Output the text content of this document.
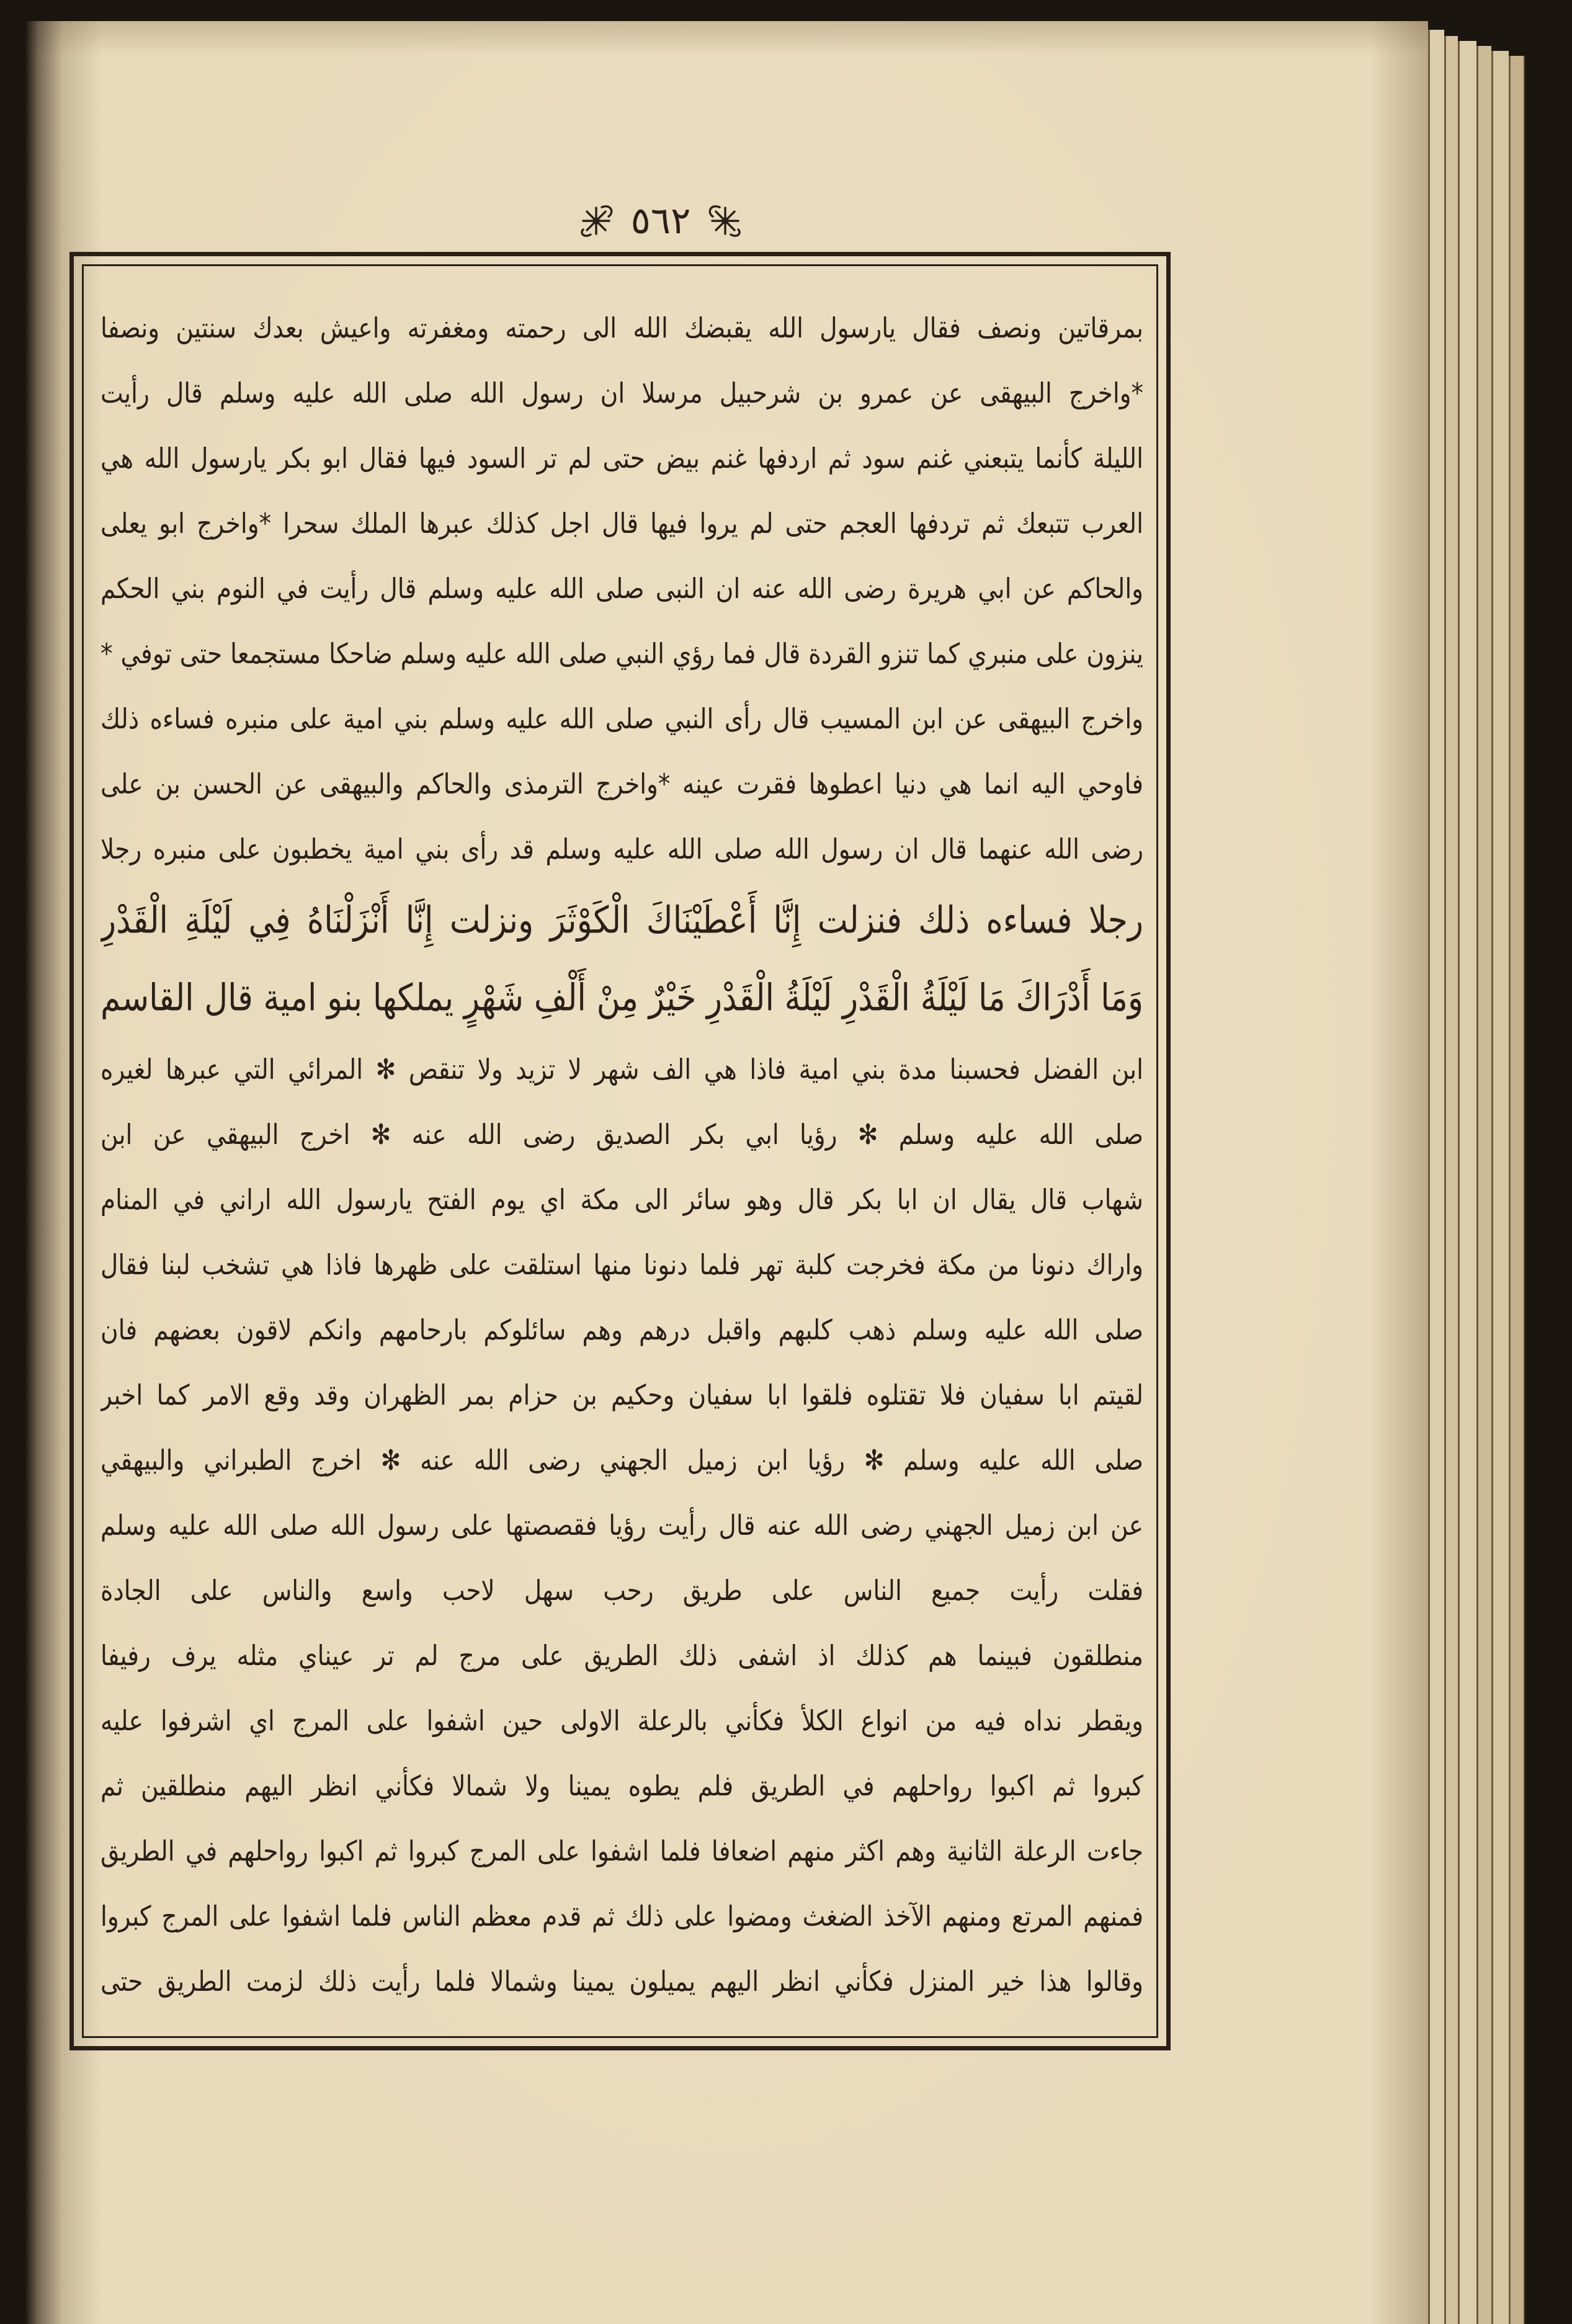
٥٦٢
بمرقاتين ونصف فقال يارسول الله يقبضك الله الى رحمته ومغفرته واعيش بعدك سنتين ونصفا
*واخرج البيهقى عن عمرو بن شرحبيل مرسلا ان رسول الله صلى الله عليه وسلم قال رأيت
الليلة كأنما يتبعني غنم سود ثم اردفها غنم بيض حتى لم تر السود فيها فقال ابو بكر يارسول الله هي
العرب تتبعك ثم تردفها العجم حتى لم يروا فيها قال اجل كذلك عبرها الملك سحرا *واخرج ابو يعلى
والحاكم عن ابي هريرة رضى الله عنه ان النبى صلى الله عليه وسلم قال رأيت في النوم بني الحكم
ينزون على منبري كما تنزو القردة قال فما رؤي النبي صلى الله عليه وسلم ضاحكا مستجمعا حتى توفي *
واخرج البيهقى عن ابن المسيب قال رأى النبي صلى الله عليه وسلم بني امية على منبره فساءه ذلك
فاوحي اليه انما هي دنيا اعطوها فقرت عينه *واخرج الترمذى والحاكم والبيهقى عن الحسن بن على
رضى الله عنهما قال ان رسول الله صلى الله عليه وسلم قد رأى بني امية يخطبون على منبره رجلا
رجلا فساءه ذلك فنزلت إِنَّا أَعْطَيْنَاكَ الْكَوْثَرَ ونزلت إِنَّا أَنْزَلْنَاهُ فِي لَيْلَةِ الْقَدْرِ
وَمَا أَدْرَاكَ مَا لَيْلَةُ الْقَدْرِ لَيْلَةُ الْقَدْرِ خَيْرٌ مِنْ أَلْفِ شَهْرٍ يملكها بنو امية قال القاسم
ابن الفضل فحسبنا مدة بني امية فاذا هي الف شهر لا تزيد ولا تنقص ✻ المرائي التي عبرها لغيره
صلى الله عليه وسلم ✻ رؤيا ابي بكر الصديق رضى الله عنه ✻ اخرج البيهقي عن ابن
شهاب قال يقال ان ابا بكر قال وهو سائر الى مكة اي يوم الفتح يارسول الله اراني في المنام
واراك دنونا من مكة فخرجت كلبة تهر فلما دنونا منها استلقت على ظهرها فاذا هي تشخب لبنا فقال
صلى الله عليه وسلم ذهب كلبهم واقبل درهم وهم سائلوكم بارحامهم وانكم لاقون بعضهم فان
لقيتم ابا سفيان فلا تقتلوه فلقوا ابا سفيان وحكيم بن حزام بمر الظهران وقد وقع الامر كما اخبر
صلى الله عليه وسلم ✻ رؤيا ابن زميل الجهني رضى الله عنه ✻ اخرج الطبراني والبيهقي
عن ابن زميل الجهني رضى الله عنه قال رأيت رؤيا فقصصتها على رسول الله صلى الله عليه وسلم
فقلت رأيت جميع الناس على طريق رحب سهل لاحب واسع والناس على الجادة
منطلقون فبينما هم كذلك اذ اشفى ذلك الطريق على مرج لم تر عيناي مثله يرف رفيفا
ويقطر نداه فيه من انواع الكلأ فكأني بالرعلة الاولى حين اشفوا على المرج اي اشرفوا عليه
كبروا ثم اكبوا رواحلهم في الطريق فلم يطوه يمينا ولا شمالا فكأني انظر اليهم منطلقين ثم
جاءت الرعلة الثانية وهم اكثر منهم اضعافا فلما اشفوا على المرج كبروا ثم اكبوا رواحلهم في الطريق
فمنهم المرتع ومنهم الآخذ الضغث ومضوا على ذلك ثم قدم معظم الناس فلما اشفوا على المرج كبروا
وقالوا هذا خير المنزل فكأني انظر اليهم يميلون يمينا وشمالا فلما رأيت ذلك لزمت الطريق حتى
